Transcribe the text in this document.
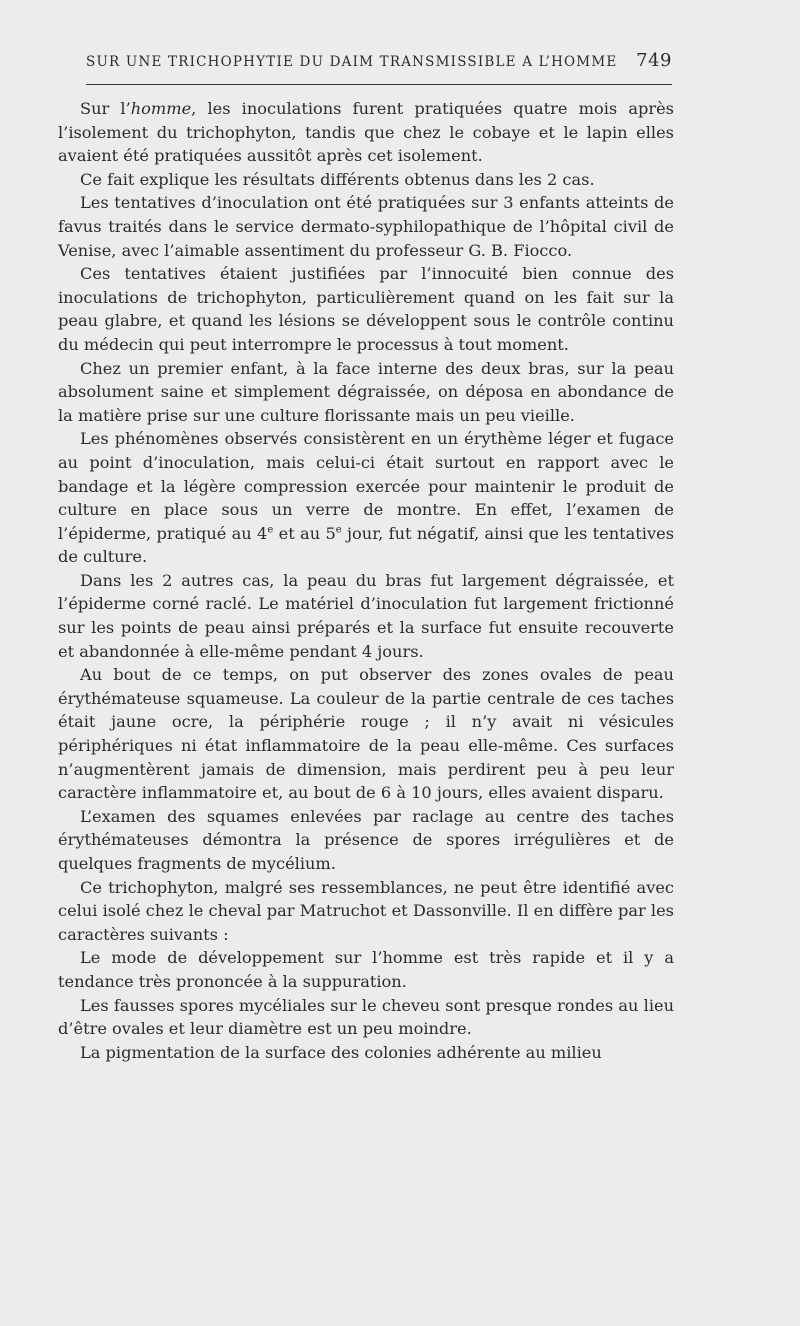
SUR UNE TRICHOPHYTIE DU DAIM TRANSMISSIBLE A L’HOMME 749

Sur l’homme, les inoculations furent pratiquées quatre mois après l’isolement du trichophyton, tandis que chez le cobaye et le lapin elles avaient été pratiquées aussitôt après cet isolement.

Ce fait explique les résultats différents obtenus dans les 2 cas.

Les tentatives d’inoculation ont été pratiquées sur 3 enfants atteints de favus traités dans le service dermato-syphilopathique de l’hôpital civil de Venise, avec l’aimable assentiment du professeur G. B. Fiocco.

Ces tentatives étaient justifiées par l’innocuité bien connue des inoculations de trichophyton, particulièrement quand on les fait sur la peau glabre, et quand les lésions se développent sous le contrôle continu du médecin qui peut interrompre le processus à tout moment.

Chez un premier enfant, à la face interne des deux bras, sur la peau absolument saine et simplement dégraissée, on déposa en abondance de la matière prise sur une culture florissante mais un peu vieille.

Les phénomènes observés consistèrent en un érythème léger et fugace au point d’inoculation, mais celui-ci était surtout en rapport avec le bandage et la légère compression exercée pour maintenir le produit de culture en place sous un verre de montre. En effet, l’examen de l’épiderme, pratiqué au 4e et au 5e jour, fut négatif, ainsi que les tentatives de culture.

Dans les 2 autres cas, la peau du bras fut largement dégraissée, et l’épiderme corné raclé. Le matériel d’inoculation fut largement frictionné sur les points de peau ainsi préparés et la surface fut ensuite recouverte et abandonnée à elle-même pendant 4 jours.

Au bout de ce temps, on put observer des zones ovales de peau érythémateuse squameuse. La couleur de la partie centrale de ces taches était jaune ocre, la périphérie rouge ; il n’y avait ni vésicules périphériques ni état inflammatoire de la peau elle-même. Ces surfaces n’augmentèrent jamais de dimension, mais perdirent peu à peu leur caractère inflammatoire et, au bout de 6 à 10 jours, elles avaient disparu.

L’examen des squames enlevées par raclage au centre des taches érythémateuses démontra la présence de spores irrégulières et de quelques fragments de mycélium.

Ce trichophyton, malgré ses ressemblances, ne peut être identifié avec celui isolé chez le cheval par Matruchot et Dassonville. Il en diffère par les caractères suivants :

Le mode de développement sur l’homme est très rapide et il y a tendance très prononcée à la suppuration.

Les fausses spores mycéliales sur le cheveu sont presque rondes au lieu d’être ovales et leur diamètre est un peu moindre.

La pigmentation de la surface des colonies adhérente au milieu
